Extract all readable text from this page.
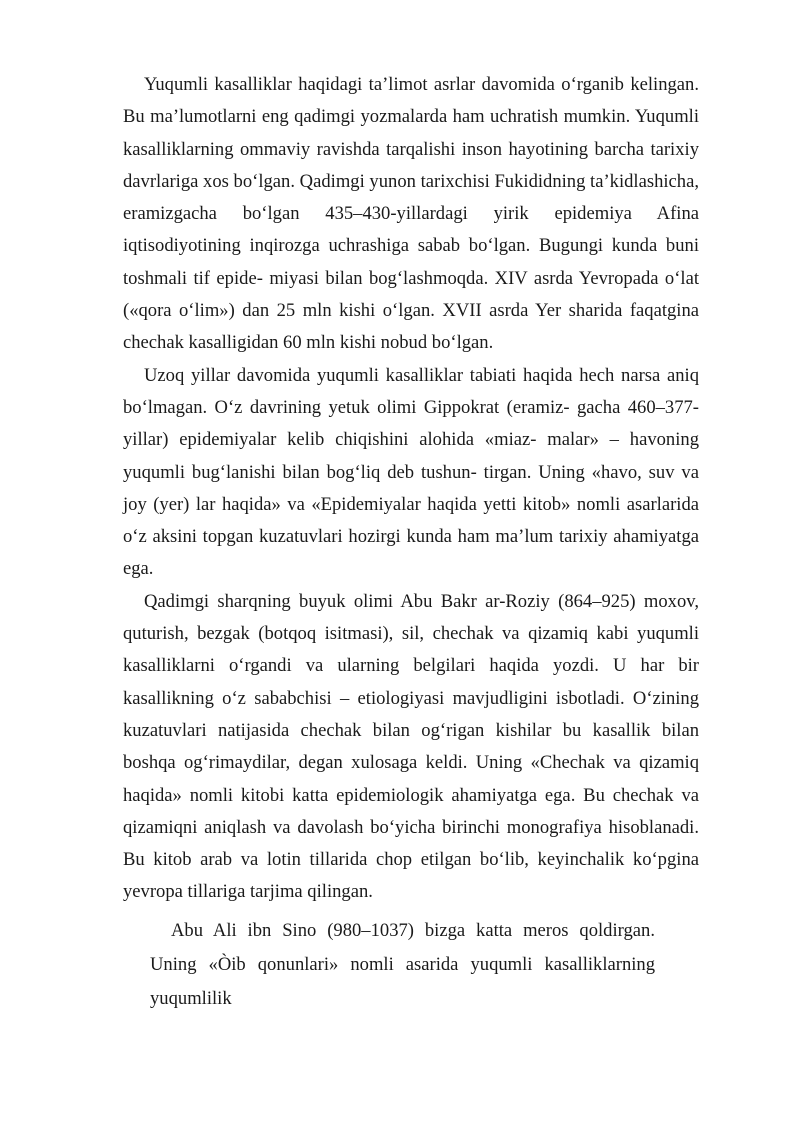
Yuqumli kasalliklar haqidagi ta’limot asrlar davomida o‘rganib kelingan. Bu ma’lumotlarni eng qadimgi yozmalarda ham uchratish mumkin. Yuqumli kasalliklarning ommaviy ravishda tarqalishi inson hayotining barcha tarixiy davrlariga xos bo‘lgan. Qadimgi yunon tarixchisi Fukididning ta’kidlashicha, eramizgacha bo‘lgan 435–430-yillardagi yirik epidemiya Afina iqtisodiyotining inqirozga uchrashiga sabab bo‘lgan. Bugungi kunda buni toshmali tif epide- miyasi bilan bog‘lashmoqda. XIV asrda Yevropada o‘lat («qora o‘lim») dan 25 mln kishi o‘lgan. XVII asrda Yer sharida faqatgina chechak kasalligidan 60 mln kishi nobud bo‘lgan.

Uzoq yillar davomida yuqumli kasalliklar tabiati haqida hech narsa aniq bo‘lmagan. O‘z davrining yetuk olimi Gippokrat (eramiz- gacha 460–377-yillar) epidemiyalar kelib chiqishini alohida «miaz- malar» – havoning yuqumli bug‘lanishi bilan bog‘liq deb tushun- tirgan. Uning «havo, suv va joy (yer) lar haqida» va «Epidemiyalar haqida yetti kitob» nomli asarlarida o‘z aksini topgan kuzatuvlari hozirgi kunda ham ma’lum tarixiy ahamiyatga ega.

Qadimgi sharqning buyuk olimi Abu Bakr ar-Roziy (864–925) moxov, quturish, bezgak (botqoq isitmasi), sil, chechak va qizamiq kabi yuqumli kasalliklarni o‘rgandi va ularning belgilari haqida yozdi. U har bir kasallikning o‘z sababchisi – etiologiyasi mavjudligini isbotladi. O‘zining kuzatuvlari natijasida chechak bilan og‘rigan kishilar bu kasallik bilan boshqa og‘rimaydilar, degan xulosaga keldi. Uning «Chechak va qizamiq haqida» nomli kitobi katta epidemiologik ahamiyatga ega. Bu chechak va qizamiqni aniqlash va davolash bo‘yicha birinchi monografiya hisoblanadi. Bu kitob arab va lotin tillarida chop etilgan bo‘lib, keyinchalik ko‘pgina yevropa tillariga tarjima qilingan.

Abu Ali ibn Sino (980–1037) bizga katta meros qoldirgan. Uning «Òib qonunlari» nomli asarida yuqumli kasalliklarning yuqumlilik
